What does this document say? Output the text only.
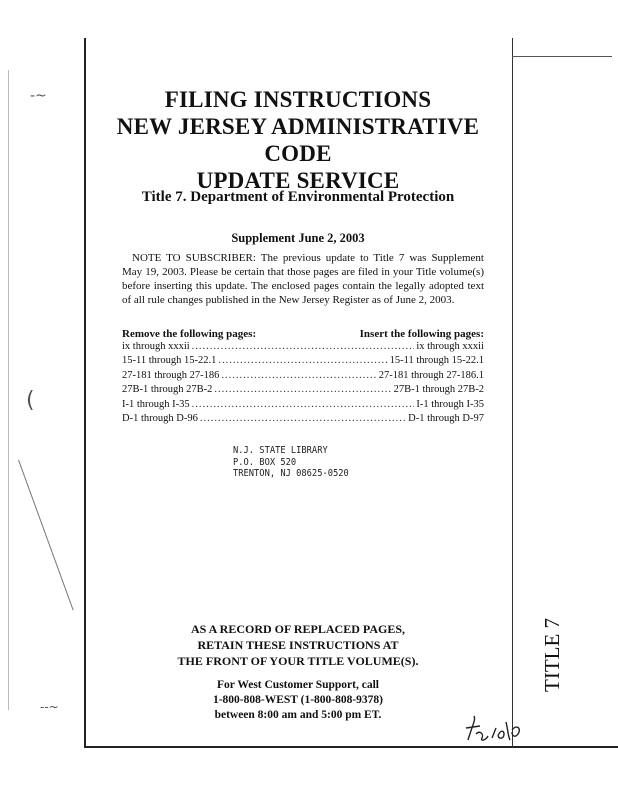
-~
(
--~
FILING INSTRUCTIONS
NEW JERSEY ADMINISTRATIVE CODE
UPDATE SERVICE
Title 7. Department of Environmental Protection
Supplement June 2, 2003
NOTE TO SUBSCRIBER: The previous update to Title 7 was Supplement May 19, 2003. Please be certain that those pages are filed in your Title volume(s) before inserting this update. The enclosed pages contain the legally adopted text of all rule changes published in the New Jersey Register as of June 2, 2003.
Remove the following pages:	Insert the following pages:
ix through xxxii .....	ix through xxxii
15-11 through 15-22.1 .....	15-11 through 15-22.1
27-181 through 27-186 .....	27-181 through 27-186.1
27B-1 through 27B-2 .....	27B-1 through 27B-2
I-1 through I-35 .....	I-1 through I-35
D-1 through D-96 .....	D-1 through D-97
N.J. STATE LIBRARY
P.O. BOX 520
TRENTON, NJ 08625-0520
AS A RECORD OF REPLACED PAGES,
RETAIN THESE INSTRUCTIONS AT
THE FRONT OF YOUR TITLE VOLUME(S).
For West Customer Support, call
1-800-808-WEST (1-800-808-9378)
between 8:00 am and 5:00 pm ET.
TITLE 7
